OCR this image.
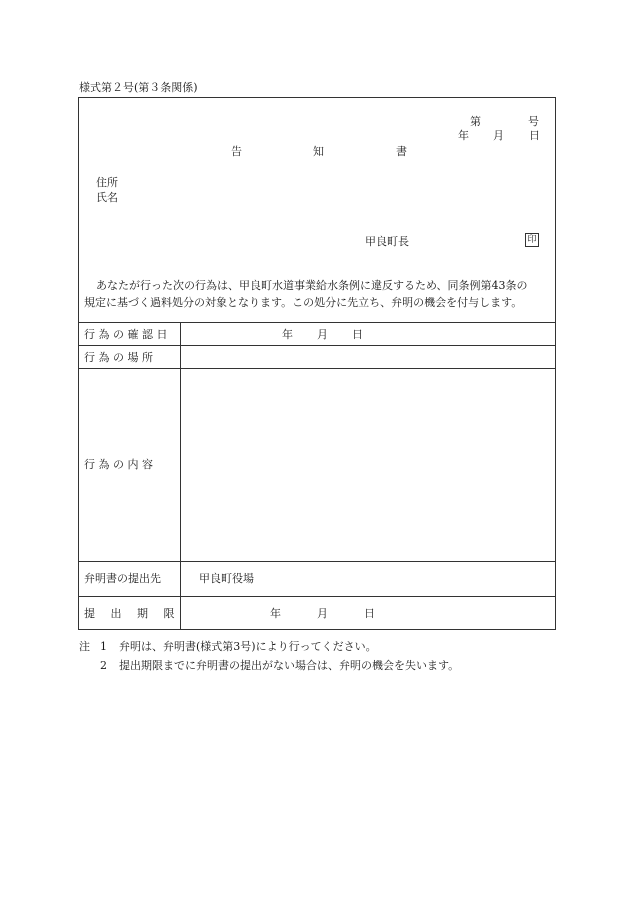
様式第２号(第３条関係)
第	号
年 月 日
告	知	書
住所
氏名
甲良町長	印
あなたが行った次の行為は、甲良町水道事業給水条例に違反するため、同条例第43条の
規定に基づく過料処分の対象となります。この処分に先立ち、弁明の機会を付与します。
行 為 の 確 認 日	年 月 日
行 為 の 場 所
行 為 の 内 容
弁明書の提出先	甲良町役場
提 出 期 限	年	月	日
注 1 弁明は、弁明書(様式第3号)により行ってください。
2 提出期限までに弁明書の提出がない場合は、弁明の機会を失います。
